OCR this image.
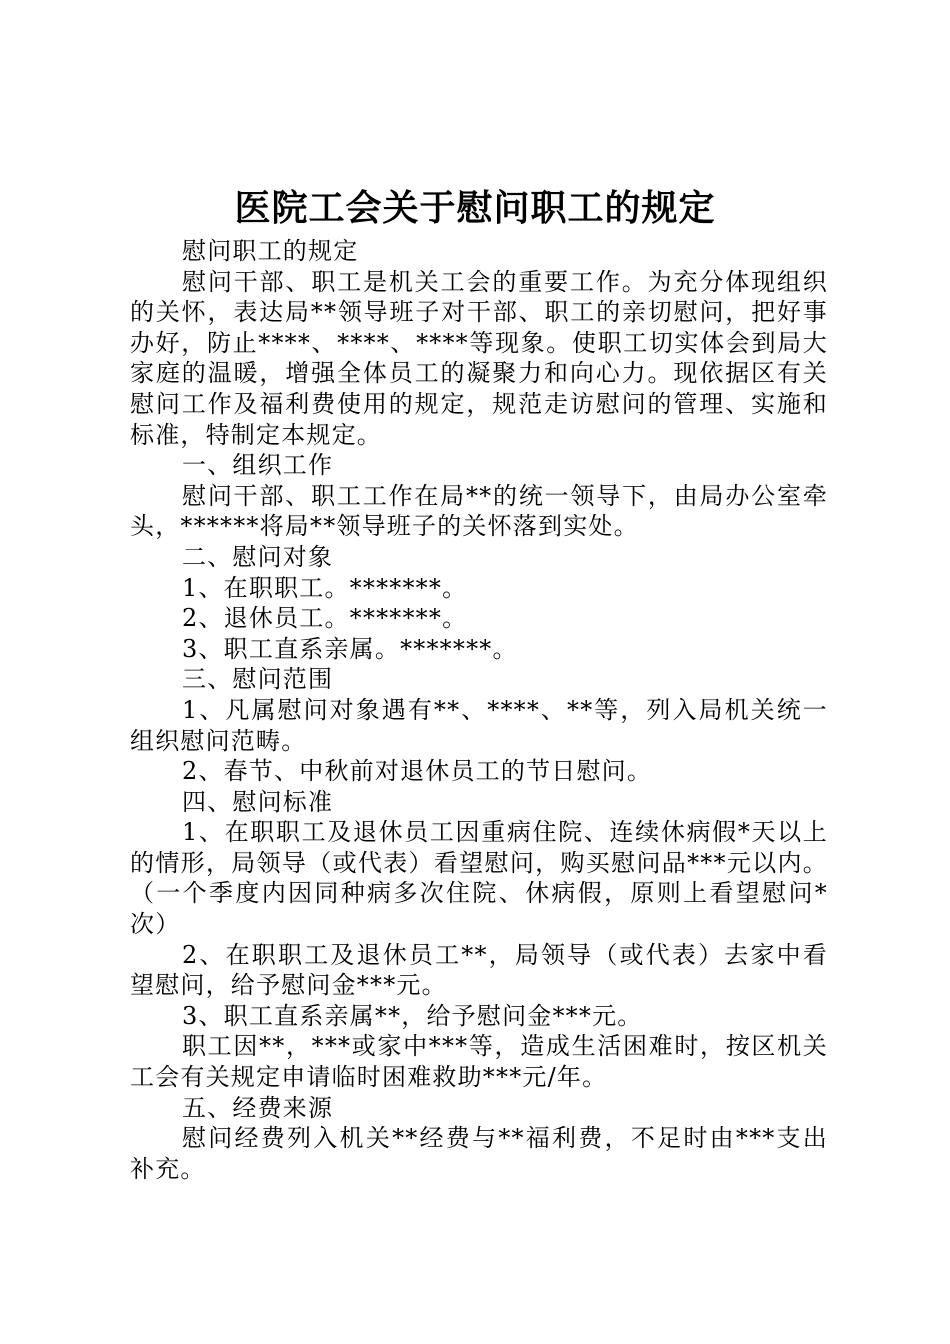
医院工会关于慰问职工的规定

慰问职工的规定

慰问干部、职工是机关工会的重要工作。为充分体现组织的关怀，表达局**领导班子对干部、职工的亲切慰问，把好事办好，防止****、****、****等现象。使职工切实体会到局大家庭的温暖，增强全体员工的凝聚力和向心力。现依据区有关慰问工作及福利费使用的规定，规范走访慰问的管理、实施和标准，特制定本规定。

一、组织工作

慰问干部、职工工作在局**的统一领导下，由局办公室牵头，******将局**领导班子的关怀落到实处。

二、慰问对象

1、在职职工。*******。

2、退休员工。*******。

3、职工直系亲属。*******。

三、慰问范围

1、凡属慰问对象遇有**、****、**等，列入局机关统一组织慰问范畴。

2、春节、中秋前对退休员工的节日慰问。

四、慰问标准

1、在职职工及退休员工因重病住院、连续休病假*天以上的情形，局领导（或代表）看望慰问，购买慰问品***元以内。（一个季度内因同种病多次住院、休病假，原则上看望慰问*次）

2、在职职工及退休员工**，局领导（或代表）去家中看望慰问，给予慰问金***元。

3、职工直系亲属**，给予慰问金***元。

职工因**，***或家中***等，造成生活困难时，按区机关工会有关规定申请临时困难救助***元/年。

五、经费来源

慰问经费列入机关**经费与**福利费，不足时由***支出补充。
